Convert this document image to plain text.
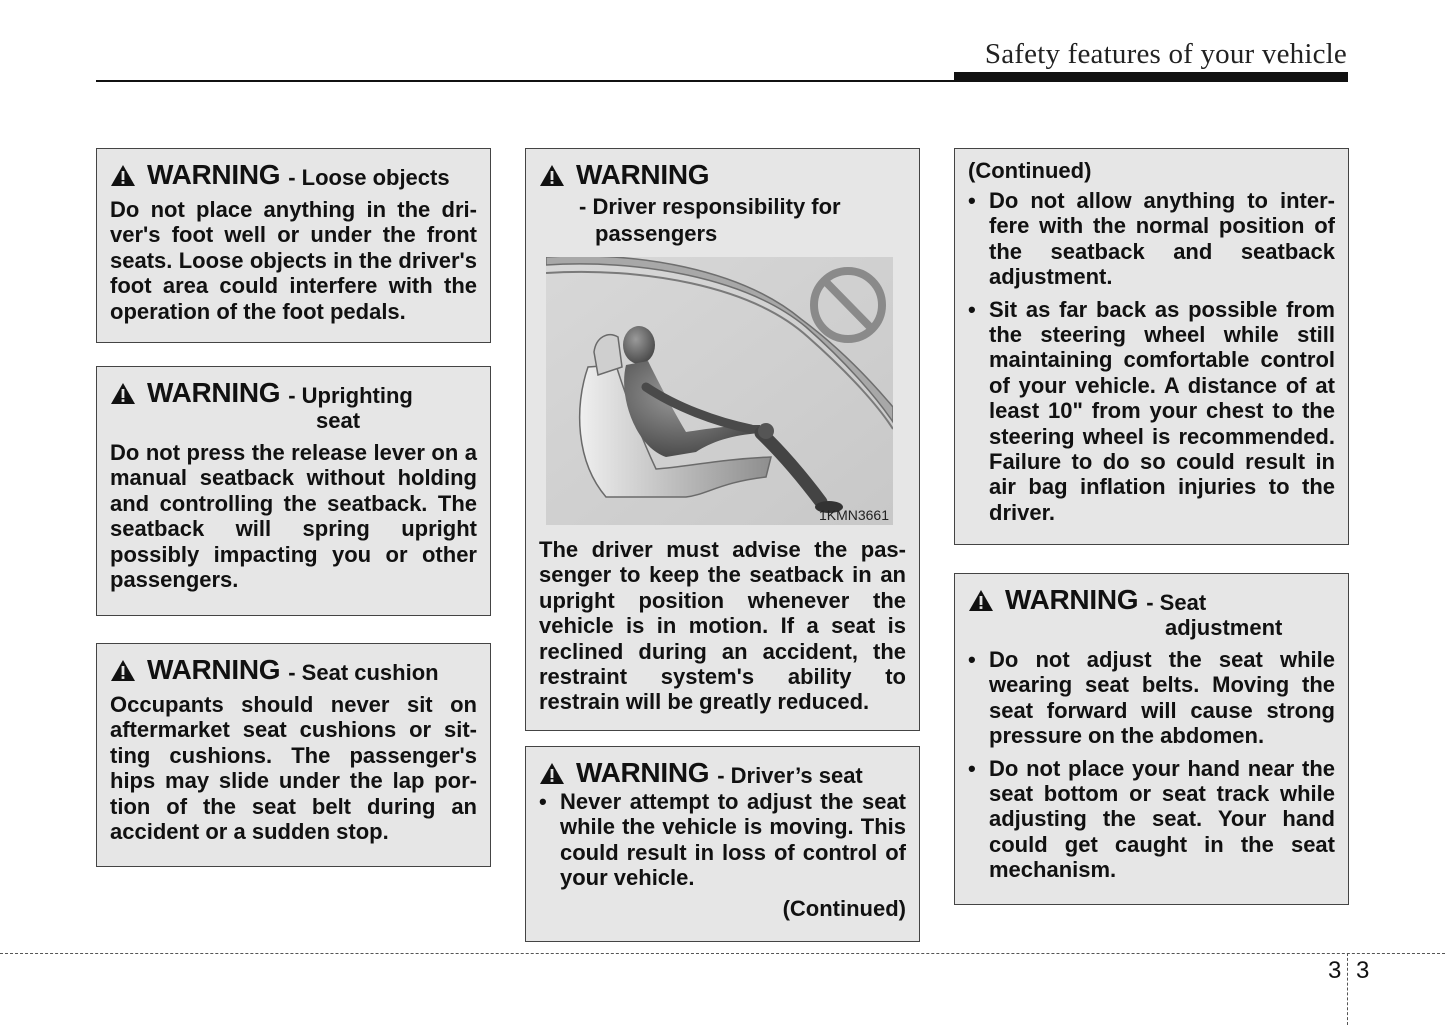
Safety features of your vehicle
WARNING - Loose objects
Do not place anything in the driver's foot well or under the front seats. Loose objects in the driver's foot area could interfere with the operation of the foot pedals.
WARNING - Uprighting
seat
Do not press the release lever on a manual seatback without holding and controlling the seatback. The seatback will spring upright possibly impacting you or other passengers.
WARNING - Seat cushion
Occupants should never sit on aftermarket seat cushions or sitting cushions. The passenger's hips may slide under the lap portion of the seat belt during an accident or a sudden stop.
WARNING
- Driver responsibility for
passengers
1KMN3661
The driver must advise the passenger to keep the seatback in an upright position whenever the vehicle is in motion. If a seat is reclined during an accident, the restraint system's ability to restrain will be greatly reduced.
WARNING - Driver’s seat
• Never attempt to adjust the seat while the vehicle is moving. This could result in loss of control of your vehicle.
(Continued)
(Continued)
• Do not allow anything to interfere with the normal position of the seatback and seatback adjustment.
• Sit as far back as possible from the steering wheel while still maintaining comfortable control of your vehicle. A distance of at least 10" from your chest to the steering wheel is recommended. Failure to do so could result in air bag inflation injuries to the driver.
WARNING - Seat
adjustment
• Do not adjust the seat while wearing seat belts. Moving the seat forward will cause strong pressure on the abdomen.
• Do not place your hand near the seat bottom or seat track while adjusting the seat. Your hand could get caught in the seat mechanism.
3 3
